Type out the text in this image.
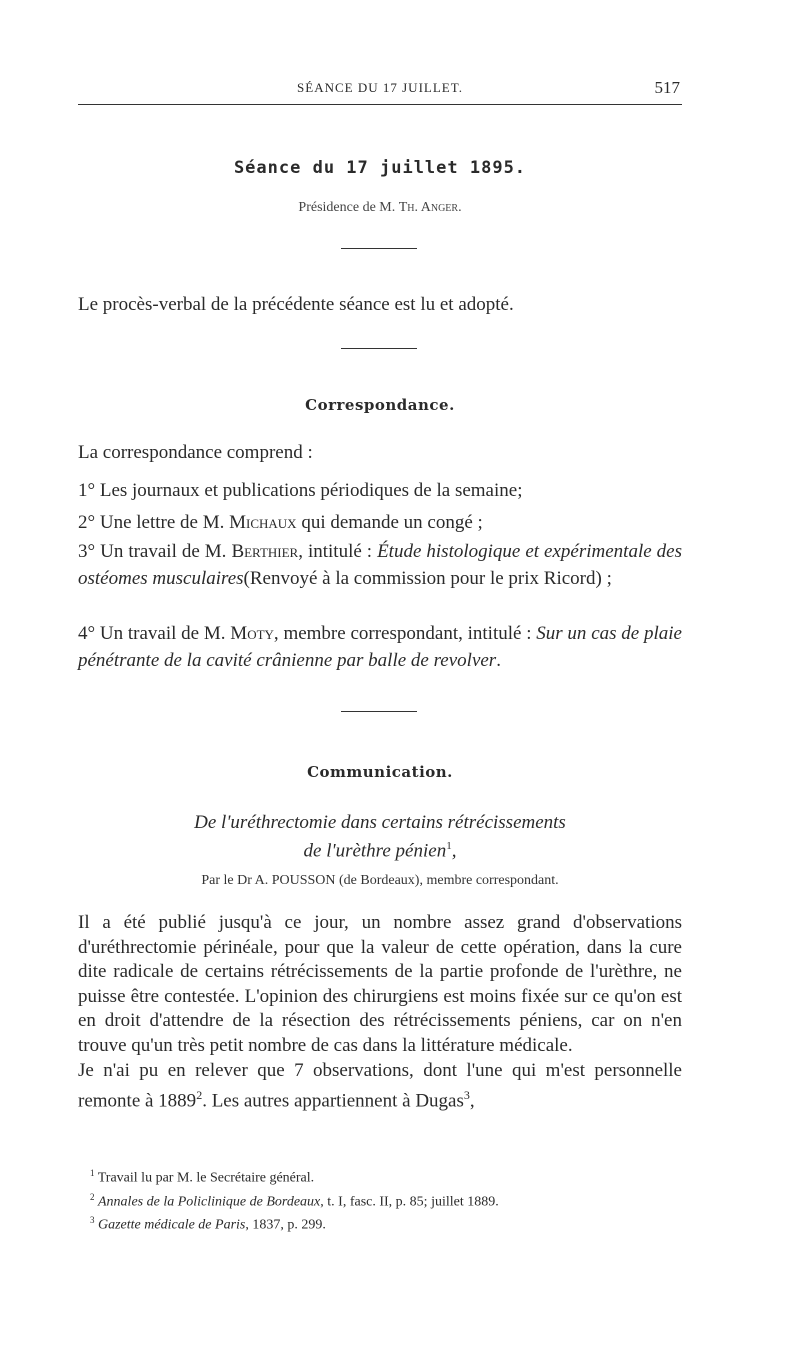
SÉANCE DU 17 JUILLET.	517
Séance du 17 juillet 1895.
Présidence de M. Th. Anger.
Le procès-verbal de la précédente séance est lu et adopté.
Correspondance.
La correspondance comprend :
1° Les journaux et publications périodiques de la semaine;
2° Une lettre de M. Michaux qui demande un congé ;
3° Un travail de M. Berthier, intitulé : Étude histologique et expérimentale des ostéomes musculaires(Renvoyé à la commission pour le prix Ricord) ;
4° Un travail de M. Moty, membre correspondant, intitulé : Sur un cas de plaie pénétrante de la cavité crânienne par balle de revolver.
Communication.
De l'uréthrectomie dans certains rétrécissements
de l'urèthre pénien$^1$,
Par le Dr A. POUSSON (de Bordeaux), membre correspondant.

Il a été publié jusqu'à ce jour, un nombre assez grand d'observations d'uréthrectomie périnéale, pour que la valeur de cette opération, dans la cure dite radicale de certains rétrécissements de la partie profonde de l'urèthre, ne puisse être contestée. L'opinion des chirurgiens est moins fixée sur ce qu'on est en droit d'attendre de la résection des rétrécissements péniens, car on n'en trouve qu'un très petit nombre de cas dans la littérature médicale.

Je n'ai pu en relever que 7 observations, dont l'une qui m'est personnelle remonte à 1889$^2$. Les autres appartiennent à Dugas$^3$,

$^1$ Travail lu par M. le Secrétaire général.
$^2$ Annales de la Policlinique de Bordeaux, t. I, fasc. II, p. 85; juillet 1889.
$^3$ Gazette médicale de Paris, 1837, p. 299.
